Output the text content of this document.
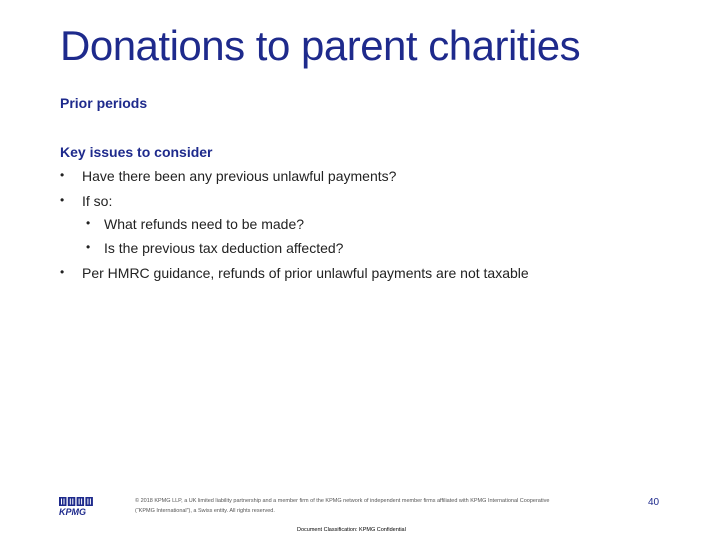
Donations to parent charities
Prior periods
Key issues to consider
• Have there been any previous unlawful payments?
• If so:
• What refunds need to be made?
• Is the previous tax deduction affected?
• Per HMRC guidance, refunds of prior unlawful payments are not taxable
KPMG
© 2018 KPMG LLP, a UK limited liability partnership and a member firm of the KPMG network of independent member firms affiliated with KPMG International Cooperative
(“KPMG International”), a Swiss entity. All rights reserved.
40
Document Classification: KPMG Confidential
